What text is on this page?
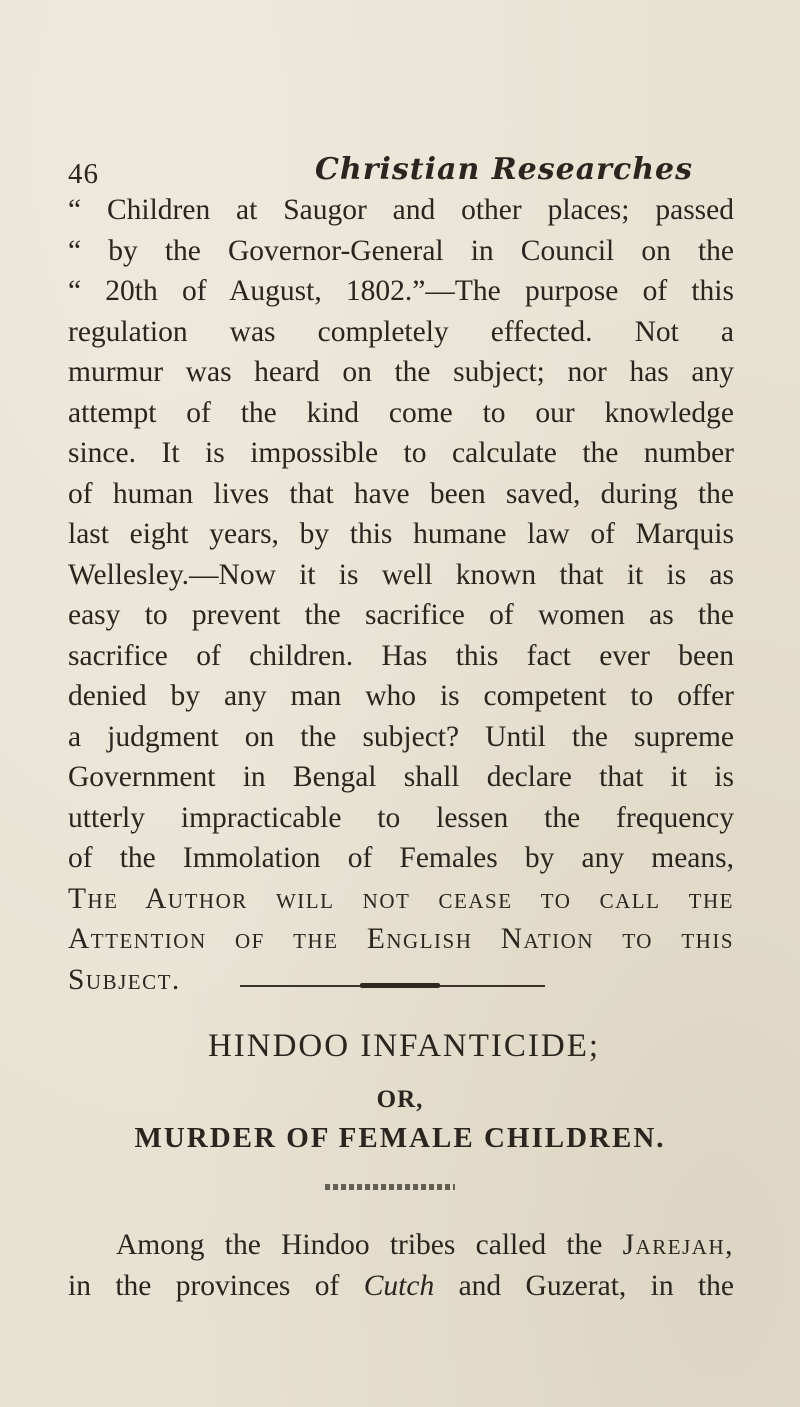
46	Christian Researches
“ Children at Saugor and other places; passed
“ by the Governor-General in Council on the
“ 20th of August, 1802.”—The purpose of this
regulation was completely effected. Not a
murmur was heard on the subject; nor has any
attempt of the kind come to our knowledge
since. It is impossible to calculate the number
of human lives that have been saved, during the
last eight years, by this humane law of Marquis
Wellesley.—Now it is well known that it is as
easy to prevent the sacrifice of women as the
sacrifice of children. Has this fact ever been
denied by any man who is competent to offer
a judgment on the subject? Until the supreme
Government in Bengal shall declare that it is
utterly impracticable to lessen the frequency
of the Immolation of Females by any means,
The Author will not cease to call the
Attention of the English Nation to this
Subject.
HINDOO INFANTICIDE;
OR,
MURDER OF FEMALE CHILDREN.
Among the Hindoo tribes called the Jarejah,
in the provinces of Cutch and Guzerat, in the
